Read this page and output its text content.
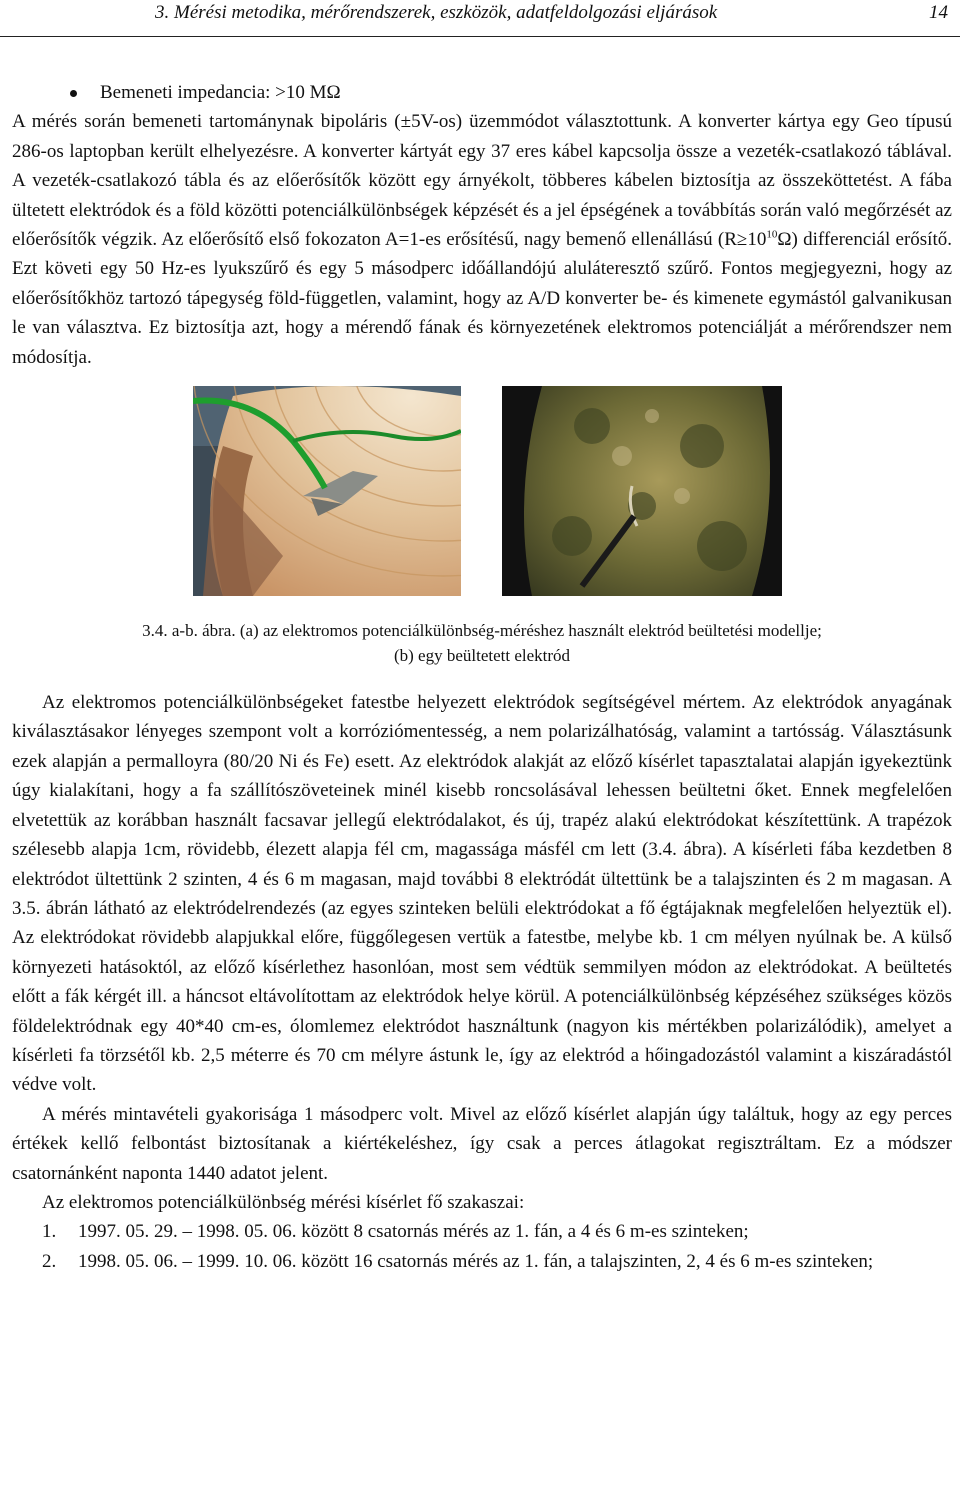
3. Mérési metodika, mérőrendszerek, eszközök, adatfeldolgozási eljárások	14
Bemeneti impedancia: >10 MΩ

A mérés során bemeneti tartománynak bipoláris (±5V-os) üzemmódot választottunk. A konverter kártya egy Geo típusú 286-os laptopban került elhelyezésre. A konverter kártyát egy 37 eres kábel kapcsolja össze a vezeték-csatlakozó táblával. A vezeték-csatlakozó tábla és az előerősítők között egy árnyékolt, többeres kábelen biztosítja az összeköttetést. A fába ültetett elektródok és a föld közötti potenciálkülönbségek képzését és a jel épségének a továbbítás során való megőrzését az előerősítők végzik. Az előerősítő első fokozaton A=1-es erősítésű, nagy bemenő ellenállású $(R\ge 10^{10}\Omega)$ differenciál erősítő. Ezt követi egy 50 Hz-es lyukszűrő és egy 5 másodperc időállandójú aluláteresztő szűrő. Fontos megjegyezni, hogy az előerősítőkhöz tartozó tápegység föld-független, valamint, hogy az A/D konverter be- és kimenete egymástól galvanikusan le van választva. Ez biztosítja azt, hogy a mérendő fának és környezetének elektromos potenciálját a mérőrendszer nem módosítja.

3.4. a-b. ábra. (a) az elektromos potenciálkülönbség-méréshez használt elektród beültetési modellje;
(b) egy beültetett elektród

Az elektromos potenciálkülönbségeket fatestbe helyezett elektródok segítségével mértem. Az elektródok anyagának kiválasztásakor lényeges szempont volt a korróziómentesség, a nem polarizálhatóság, valamint a tartósság. Választásunk ezek alapján a permalloyra (80/20 Ni és Fe) esett. Az elektródok alakját az előző kísérlet tapasztalatai alapján igyekeztünk úgy kialakítani, hogy a fa szállítószöveteinek minél kisebb roncsolásával lehessen beültetni őket. Ennek megfelelően elvetettük az korábban használt facsavar jellegű elektródalakot, és új, trapéz alakú elektródokat készítettünk. A trapézok szélesebb alapja 1cm, rövidebb, élezett alapja fél cm, magassága másfél cm lett (3.4. ábra). A kísérleti fába kezdetben 8 elektródot ültettünk 2 szinten, 4 és 6 m magasan, majd további 8 elektródát ültettünk be a talajszinten és 2 m magasan. A 3.5. ábrán látható az elektródelrendezés (az egyes szinteken belüli elektródokat a fő égtájaknak megfelelően helyeztük el). Az elektródokat rövidebb alapjukkal előre, függőlegesen vertük a fatestbe, melybe kb. 1 cm mélyen nyúlnak be. A külső környezeti hatásoktól, az előző kísérlethez hasonlóan, most sem védtük semmilyen módon az elektródokat. A beültetés előtt a fák kérgét ill. a háncsot eltávolítottam az elektródok helye körül. A potenciálkülönbség képzéséhez szükséges közös földelektródnak egy 40*40 cm-es, ólomlemez elektródot használtunk (nagyon kis mértékben polarizálódik), amelyet a kísérleti fa törzsétől kb. 2,5 méterre és 70 cm mélyre ástunk le, így az elektród a hőingadozástól valamint a kiszáradástól védve volt.

A mérés mintavételi gyakorisága 1 másodperc volt. Mivel az előző kísérlet alapján úgy találtuk, hogy az egy perces értékek kellő felbontást biztosítanak a kiértékeléshez, így csak a perces átlagokat regisztráltam. Ez a módszer csatornánként naponta 1440 adatot jelent.

Az elektromos potenciálkülönbség mérési kísérlet fő szakaszai:

1. 1997. 05. 29. – 1998. 05. 06. között 8 csatornás mérés az 1. fán, a 4 és 6 m-es szinteken;
2. 1998. 05. 06. – 1999. 10. 06. között 16 csatornás mérés az 1. fán, a talajszinten, 2, 4 és 6 m-es szinteken;
